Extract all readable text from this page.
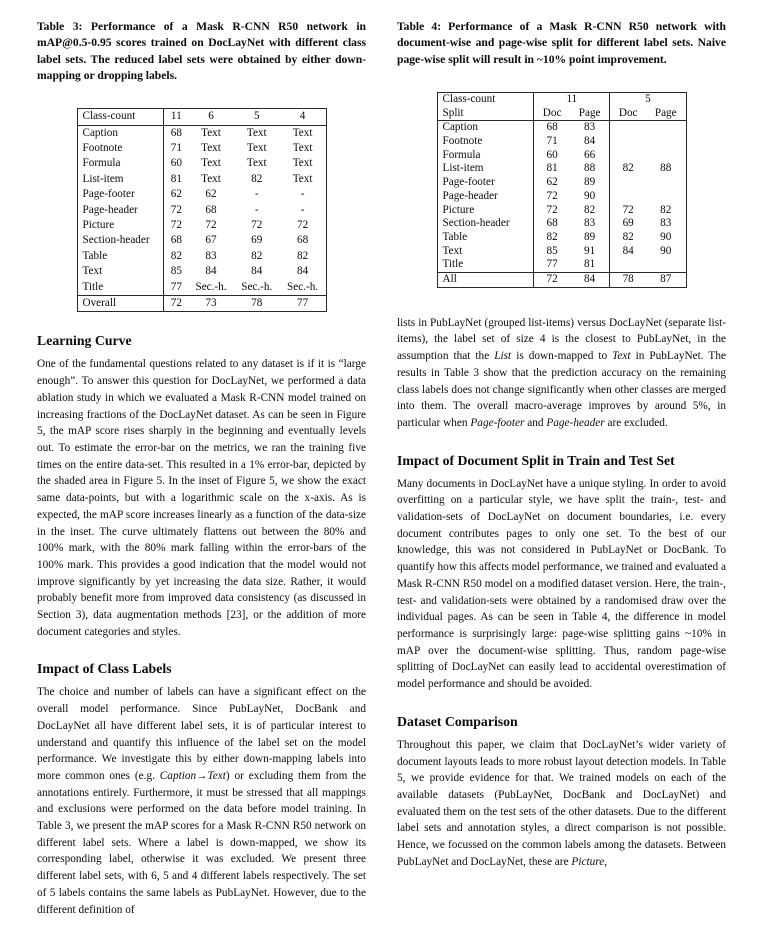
Table 3: Performance of a Mask R-CNN R50 network in mAP@0.5-0.95 scores trained on DocLayNet with different class label sets. The reduced label sets were obtained by either down-mapping or dropping labels.

Class-count	11	6	5	4
Caption	68	Text	Text	Text
Footnote	71	Text	Text	Text
Formula	60	Text	Text	Text
List-item	81	Text	82	Text
Page-footer	62	62	-	-
Page-header	72	68	-	-
Picture	72	72	72	72
Section-header	68	67	69	68
Table	82	83	82	82
Text	85	84	84	84
Title	77	Sec.-h.	Sec.-h.	Sec.-h.
Overall	72	73	78	77
Learning Curve

One of the fundamental questions related to any dataset is if it is “large enough”. To answer this question for DocLayNet, we performed a data ablation study in which we evaluated a Mask R-CNN model trained on increasing fractions of the DocLayNet dataset. As can be seen in Figure 5, the mAP score rises sharply in the beginning and eventually levels out. To estimate the error-bar on the metrics, we ran the training five times on the entire data-set. This resulted in a 1% error-bar, depicted by the shaded area in Figure 5. In the inset of Figure 5, we show the exact same data-points, but with a logarithmic scale on the x-axis. As is expected, the mAP score increases linearly as a function of the data-size in the inset. The curve ultimately flattens out between the 80% and 100% mark, with the 80% mark falling within the error-bars of the 100% mark. This provides a good indication that the model would not improve significantly by yet increasing the data size. Rather, it would probably benefit more from improved data consistency (as discussed in Section 3), data augmentation methods [23], or the addition of more document categories and styles.

Impact of Class Labels

The choice and number of labels can have a significant effect on the overall model performance. Since PubLayNet, DocBank and DocLayNet all have different label sets, it is of particular interest to understand and quantify this influence of the label set on the model performance. We investigate this by either down-mapping labels into more common ones (e.g. Caption→Text) or excluding them from the annotations entirely. Furthermore, it must be stressed that all mappings and exclusions were performed on the data before model training. In Table 3, we present the mAP scores for a Mask R-CNN R50 network on different label sets. Where a label is down-mapped, we show its corresponding label, otherwise it was excluded. We present three different label sets, with 6, 5 and 4 different labels respectively. The set of 5 labels contains the same labels as PubLayNet. However, due to the different definition of

Table 4: Performance of a Mask R-CNN R50 network with document-wise and page-wise split for different label sets. Naive page-wise split will result in ~10% point improvement.

Class-count	11		5	
Split	Doc	Page	Doc	Page
Caption	68	83		
Footnote	71	84		
Formula	60	66		
List-item	81	88	82	88
Page-footer	62	89		
Page-header	72	90		
Picture	72	82	72	82
Section-header	68	83	69	83
Table	82	89	82	90
Text	85	91	84	90
Title	77	81		
All	72	84	78	87

lists in PubLayNet (grouped list-items) versus DocLayNet (separate list-items), the label set of size 4 is the closest to PubLayNet, in the assumption that the List is down-mapped to Text in PubLayNet. The results in Table 3 show that the prediction accuracy on the remaining class labels does not change significantly when other classes are merged into them. The overall macro-average improves by around 5%, in particular when Page-footer and Page-header are excluded.

Impact of Document Split in Train and Test Set

Many documents in DocLayNet have a unique styling. In order to avoid overfitting on a particular style, we have split the train-, test- and validation-sets of DocLayNet on document boundaries, i.e. every document contributes pages to only one set. To the best of our knowledge, this was not considered in PubLayNet or DocBank. To quantify how this affects model performance, we trained and evaluated a Mask R-CNN R50 model on a modified dataset version. Here, the train-, test- and validation-sets were obtained by a randomised draw over the individual pages. As can be seen in Table 4, the difference in model performance is surprisingly large: page-wise splitting gains ~10% in mAP over the document-wise splitting. Thus, random page-wise splitting of DocLayNet can easily lead to accidental overestimation of model performance and should be avoided.

Dataset Comparison

Throughout this paper, we claim that DocLayNet’s wider variety of document layouts leads to more robust layout detection models. In Table 5, we provide evidence for that. We trained models on each of the available datasets (PubLayNet, DocBank and DocLayNet) and evaluated them on the test sets of the other datasets. Due to the different label sets and annotation styles, a direct comparison is not possible. Hence, we focussed on the common labels among the datasets. Between PubLayNet and DocLayNet, these are Picture,
